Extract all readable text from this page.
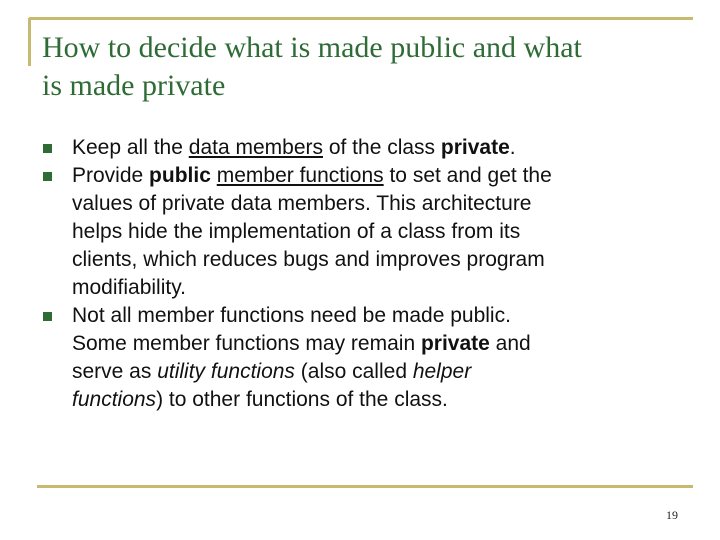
How to decide what is made public and what
is made private
Keep all the data members of the class private.
Provide public member functions to set and get the
values of private data members. This architecture
helps hide the implementation of a class from its
clients, which reduces bugs and improves program
modifiability.
Not all member functions need be made public.
Some member functions may remain private and
serve as utility functions (also called helper
functions) to other functions of the class.
19
